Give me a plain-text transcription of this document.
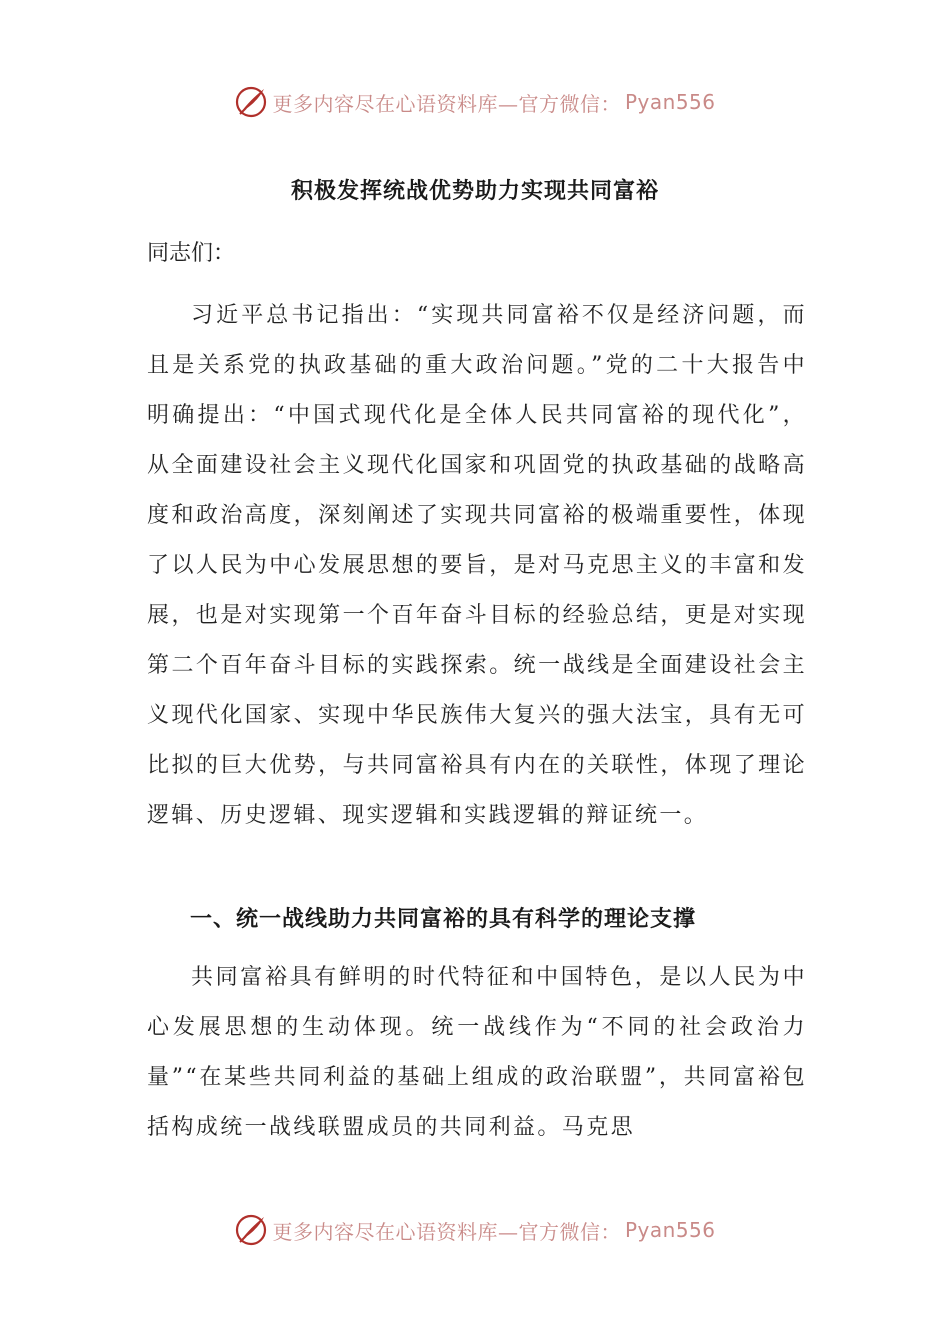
更多内容尽在心语资料库—官方微信： Pyan556
积极发挥统战优势助力实现共同富裕
同志们：
习近平总书记指出：“实现共同富裕不仅是经济问题，而且是关系党的执政基础的重大政治问题。”党的二十大报告中明确提出：“中国式现代化是全体人民共同富裕的现代化”，从全面建设社会主义现代化国家和巩固党的执政基础的战略高度和政治高度，深刻阐述了实现共同富裕的极端重要性，体现了以人民为中心发展思想的要旨，是对马克思主义的丰富和发展，也是对实现第一个百年奋斗目标的经验总结，更是对实现第二个百年奋斗目标的实践探索。统一战线是全面建设社会主义现代化国家、实现中华民族伟大复兴的强大法宝，具有无可比拟的巨大优势，与共同富裕具有内在的关联性，体现了理论逻辑、历史逻辑、现实逻辑和实践逻辑的辩证统一。
一、统一战线助力共同富裕的具有科学的理论支撑
共同富裕具有鲜明的时代特征和中国特色，是以人民为中心发展思想的生动体现。统一战线作为“不同的社会政治力量”“在某些共同利益的基础上组成的政治联盟”，共同富裕包括构成统一战线联盟成员的共同利益。马克思
更多内容尽在心语资料库—官方微信： Pyan556
